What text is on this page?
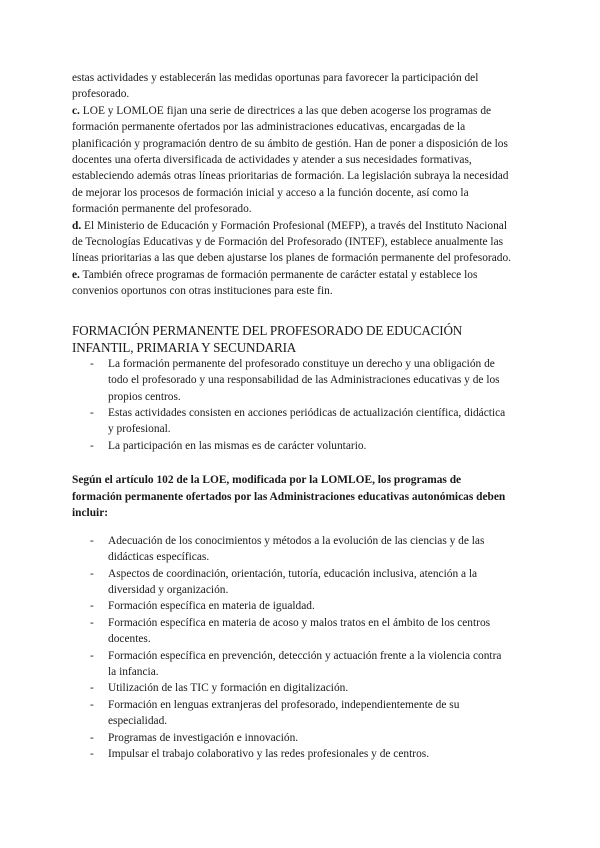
estas actividades y establecerán las medidas oportunas para favorecer la participación del profesorado.

c. LOE y LOMLOE fijan una serie de directrices a las que deben acogerse los programas de formación permanente ofertados por las administraciones educativas, encargadas de la planificación y programación dentro de su ámbito de gestión. Han de poner a disposición de los docentes una oferta diversificada de actividades y atender a sus necesidades formativas, estableciendo además otras líneas prioritarias de formación. La legislación subraya la necesidad de mejorar los procesos de formación inicial y acceso a la función docente, así como la formación permanente del profesorado.

d. El Ministerio de Educación y Formación Profesional (MEFP), a través del Instituto Nacional de Tecnologías Educativas y de Formación del Profesorado (INTEF), establece anualmente las líneas prioritarias a las que deben ajustarse los planes de formación permanente del profesorado.

e. También ofrece programas de formación permanente de carácter estatal y establece los convenios oportunos con otras instituciones para este fin.

FORMACIÓN PERMANENTE DEL PROFESORADO DE EDUCACIÓN INFANTIL, PRIMARIA Y SECUNDARIA
- La formación permanente del profesorado constituye un derecho y una obligación de todo el profesorado y una responsabilidad de las Administraciones educativas y de los propios centros.
- Estas actividades consisten en acciones periódicas de actualización científica, didáctica y profesional.
- La participación en las mismas es de carácter voluntario.

Según el artículo 102 de la LOE, modificada por la LOMLOE, los programas de formación permanente ofertados por las Administraciones educativas autonómicas deben incluir:

- Adecuación de los conocimientos y métodos a la evolución de las ciencias y de las didácticas específicas.
- Aspectos de coordinación, orientación, tutoría, educación inclusiva, atención a la diversidad y organización.
- Formación específica en materia de igualdad.
- Formación específica en materia de acoso y malos tratos en el ámbito de los centros docentes.
- Formación específica en prevención, detección y actuación frente a la violencia contra la infancia.
- Utilización de las TIC y formación en digitalización.
- Formación en lenguas extranjeras del profesorado, independientemente de su especialidad.
- Programas de investigación e innovación.
- Impulsar el trabajo colaborativo y las redes profesionales y de centros.
